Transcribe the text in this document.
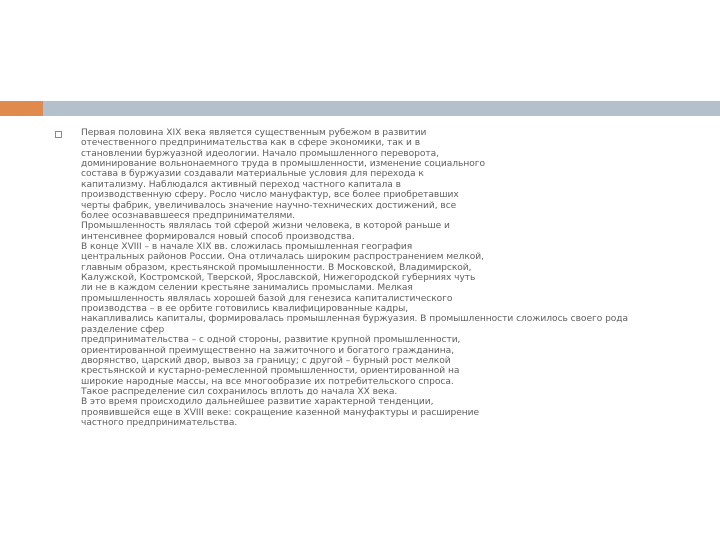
Первая половина XIX века является существенным рубежом в развитии
отечественного предпринимательства как в сфере экономики, так и в
становлении буржуазной идеологии. Начало промышленного переворота,
доминирование вольнонаемного труда в промышленности, изменение социального
состава в буржуазии создавали материальные условия для перехода к
капитализму. Наблюдался активный переход частного капитала в
производственную сферу. Росло число мануфактур, все более приобретавших
черты фабрик, увеличивалось значение научно-технических достижений, все
более осознававшееся предпринимателями.
Промышленность являлась той сферой жизни человека, в которой раньше и
интенсивнее формировался новый способ производства.
В конце XVIII – в начале XIX вв. сложилась промышленная география
центральных районов России. Она отличалась широким распространением мелкой,
главным образом, крестьянской промышленности. В Московской, Владимирской,
Калужской, Костромской, Тверской, Ярославской, Нижегородской губерниях чуть
ли не в каждом селении крестьяне занимались промыслами. Мелкая
промышленность являлась хорошей базой для генезиса капиталистического
производства – в ее орбите готовились квалифицированные кадры,
накапливались капиталы, формировалась промышленная буржуазия. В промышленности сложилось своего рода
разделение сфер
предпринимательства – с одной стороны, развитие крупной промышленности,
ориентированной преимущественно на зажиточного и богатого гражданина,
дворянство, царский двор, вывоз за границу; с другой – бурный рост мелкой
крестьянской и кустарно-ремесленной промышленности, ориентированной на
широкие народные массы, на все многообразие их потребительского спроса.
Такое распределение сил сохранилось вплоть до начала XX века.
В это время происходило дальнейшее развитие характерной тенденции,
проявившейся еще в XVIII веке: сокращение казенной мануфактуры и расширение
частного предпринимательства.
